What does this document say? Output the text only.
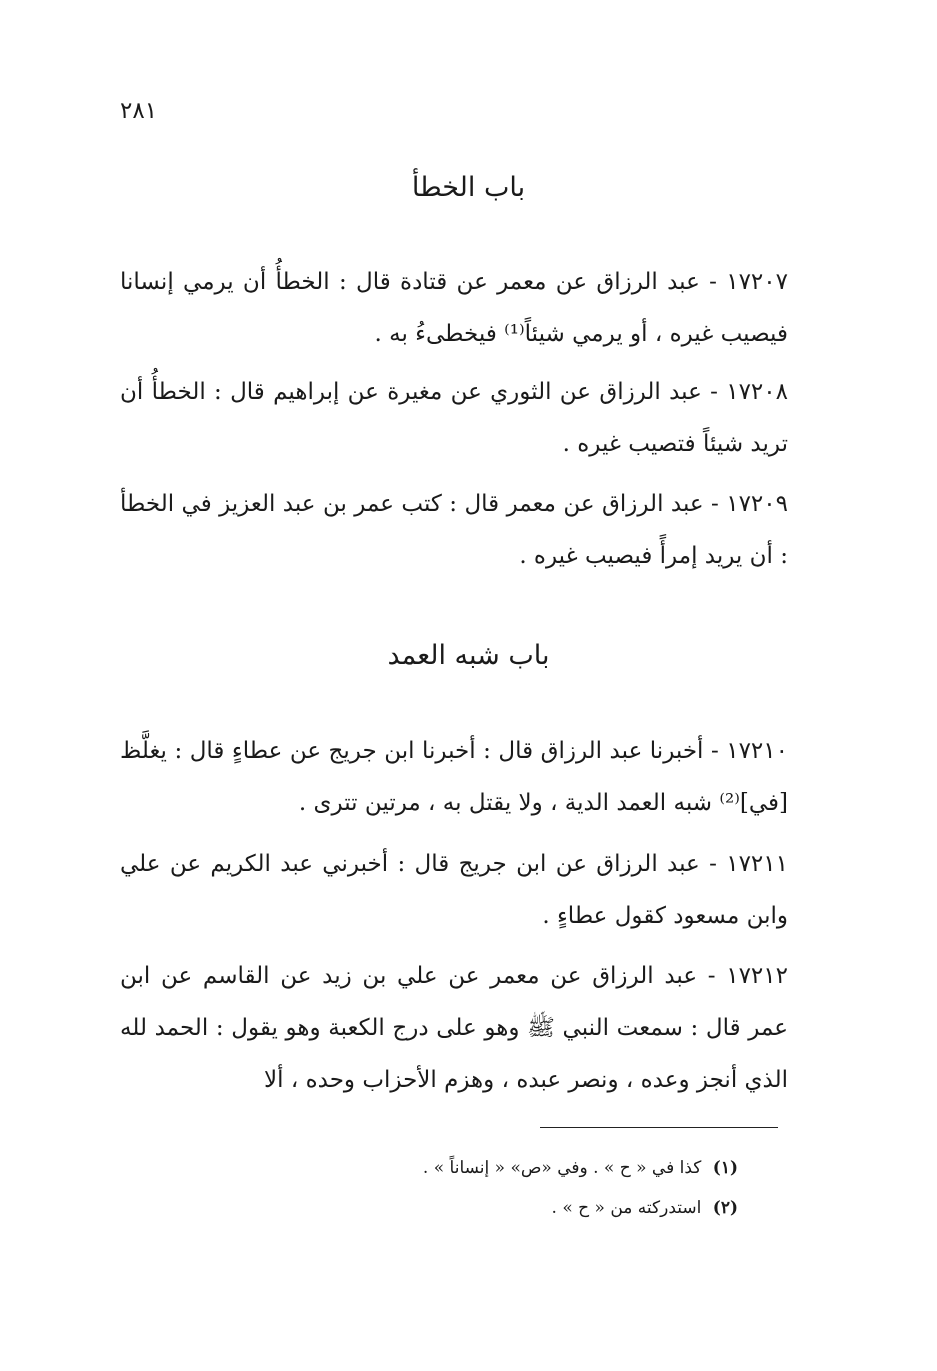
٢٨١
باب الخطأ
١٧٢٠٧ - عبد الرزاق عن معمر عن قتادة قال : الخطأُ أن يرمي إنسانا فيصيب غيره ، أو يرمي شيئاً⁽¹⁾ فيخطىءُ به .
١٧٢٠٨ - عبد الرزاق عن الثوري عن مغيرة عن إبراهيم قال : الخطأُ أن تريد شيئاً فتصيب غيره .
١٧٢٠٩ - عبد الرزاق عن معمر قال : كتب عمر بن عبد العزيز في الخطأ : أن يريد إمرأً فيصيب غيره .
باب شبه العمد
١٧٢١٠ - أخبرنا عبد الرزاق قال : أخبرنا ابن جريج عن عطاءٍ قال : يغلَّظ [في]⁽²⁾ شبه العمد الدية ، ولا يقتل به ، مرتين تترى .
١٧٢١١ - عبد الرزاق عن ابن جريج قال : أخبرني عبد الكريم عن علي وابن مسعود كقول عطاءٍ .
١٧٢١٢ - عبد الرزاق عن معمر عن علي بن زيد عن القاسم عن ابن عمر قال : سمعت النبي ﷺ وهو على درج الكعبة وهو يقول : الحمد لله الذي أنجز وعده ، ونصر عبده ، وهزم الأحزاب وحده ، ألا
(١) كذا في « ح » . وفي «ص» « إنساناً » .
(٢) استدركته من « ح » .
